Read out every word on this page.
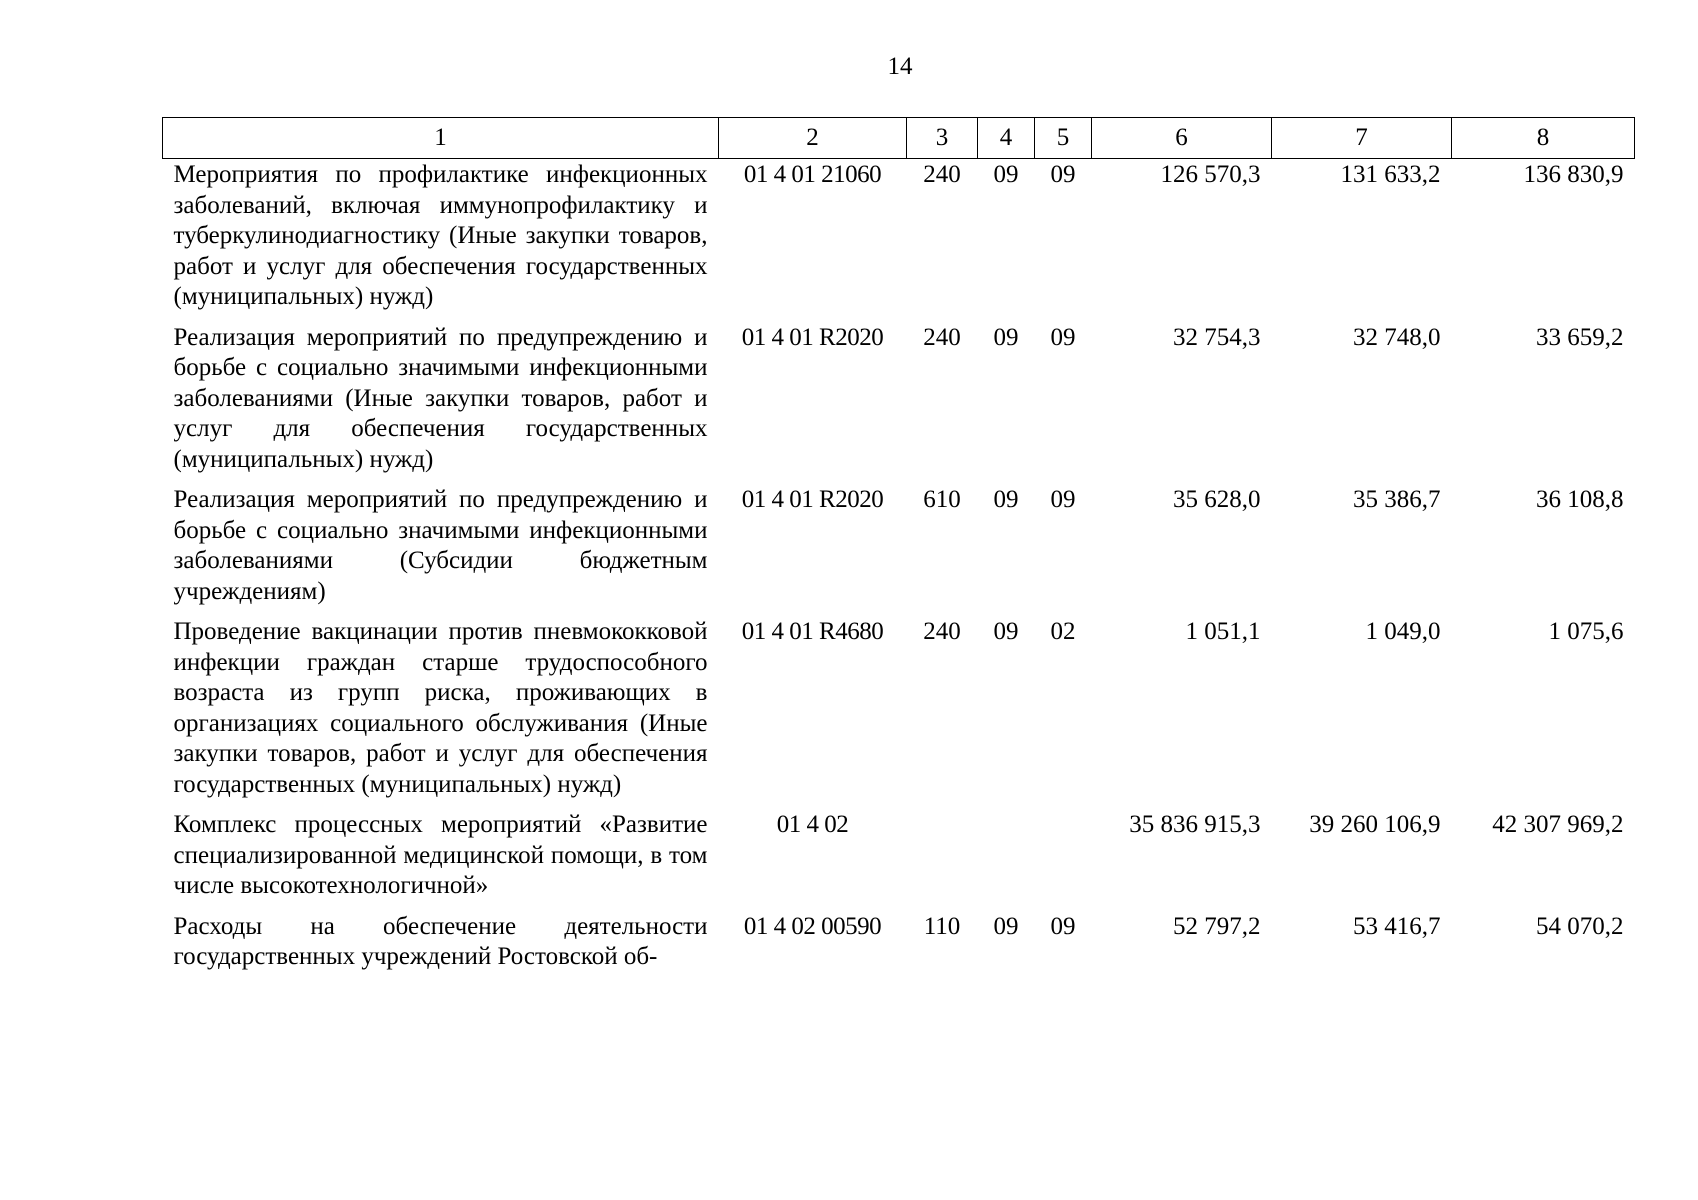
14
1	2	3	4	5	6	7	8
Мероприятия по профилактике инфекционных заболеваний, включая иммунопрофилактику и туберкулинодиагностику (Иные закупки товаров, работ и услуг для обеспечения государственных (муниципальных) нужд)	01 4 01 21060	240	09	09	126 570,3	131 633,2	136 830,9
Реализация мероприятий по предупреждению и борьбе с социально значимыми инфекционными заболеваниями (Иные закупки товаров, работ и услуг для обеспечения государственных (муниципальных) нужд)	01 4 01 R2020	240	09	09	32 754,3	32 748,0	33 659,2
Реализация мероприятий по предупреждению и борьбе с социально значимыми инфекционными заболеваниями (Субсидии бюджетным учреждениям)	01 4 01 R2020	610	09	09	35 628,0	35 386,7	36 108,8
Проведение вакцинации против пневмококковой инфекции граждан старше трудоспособного возраста из групп риска, проживающих в организациях социального обслуживания (Иные закупки товаров, работ и услуг для обеспечения государственных (муниципальных) нужд)	01 4 01 R4680	240	09	02	1 051,1	1 049,0	1 075,6
Комплекс процессных мероприятий «Развитие специализированной медицинской помощи, в том числе высокотехнологичной»	01 4 02				35 836 915,3	39 260 106,9	42 307 969,2
Расходы на обеспечение деятельности государственных учреждений Ростовской об-	01 4 02 00590	110	09	09	52 797,2	53 416,7	54 070,2
